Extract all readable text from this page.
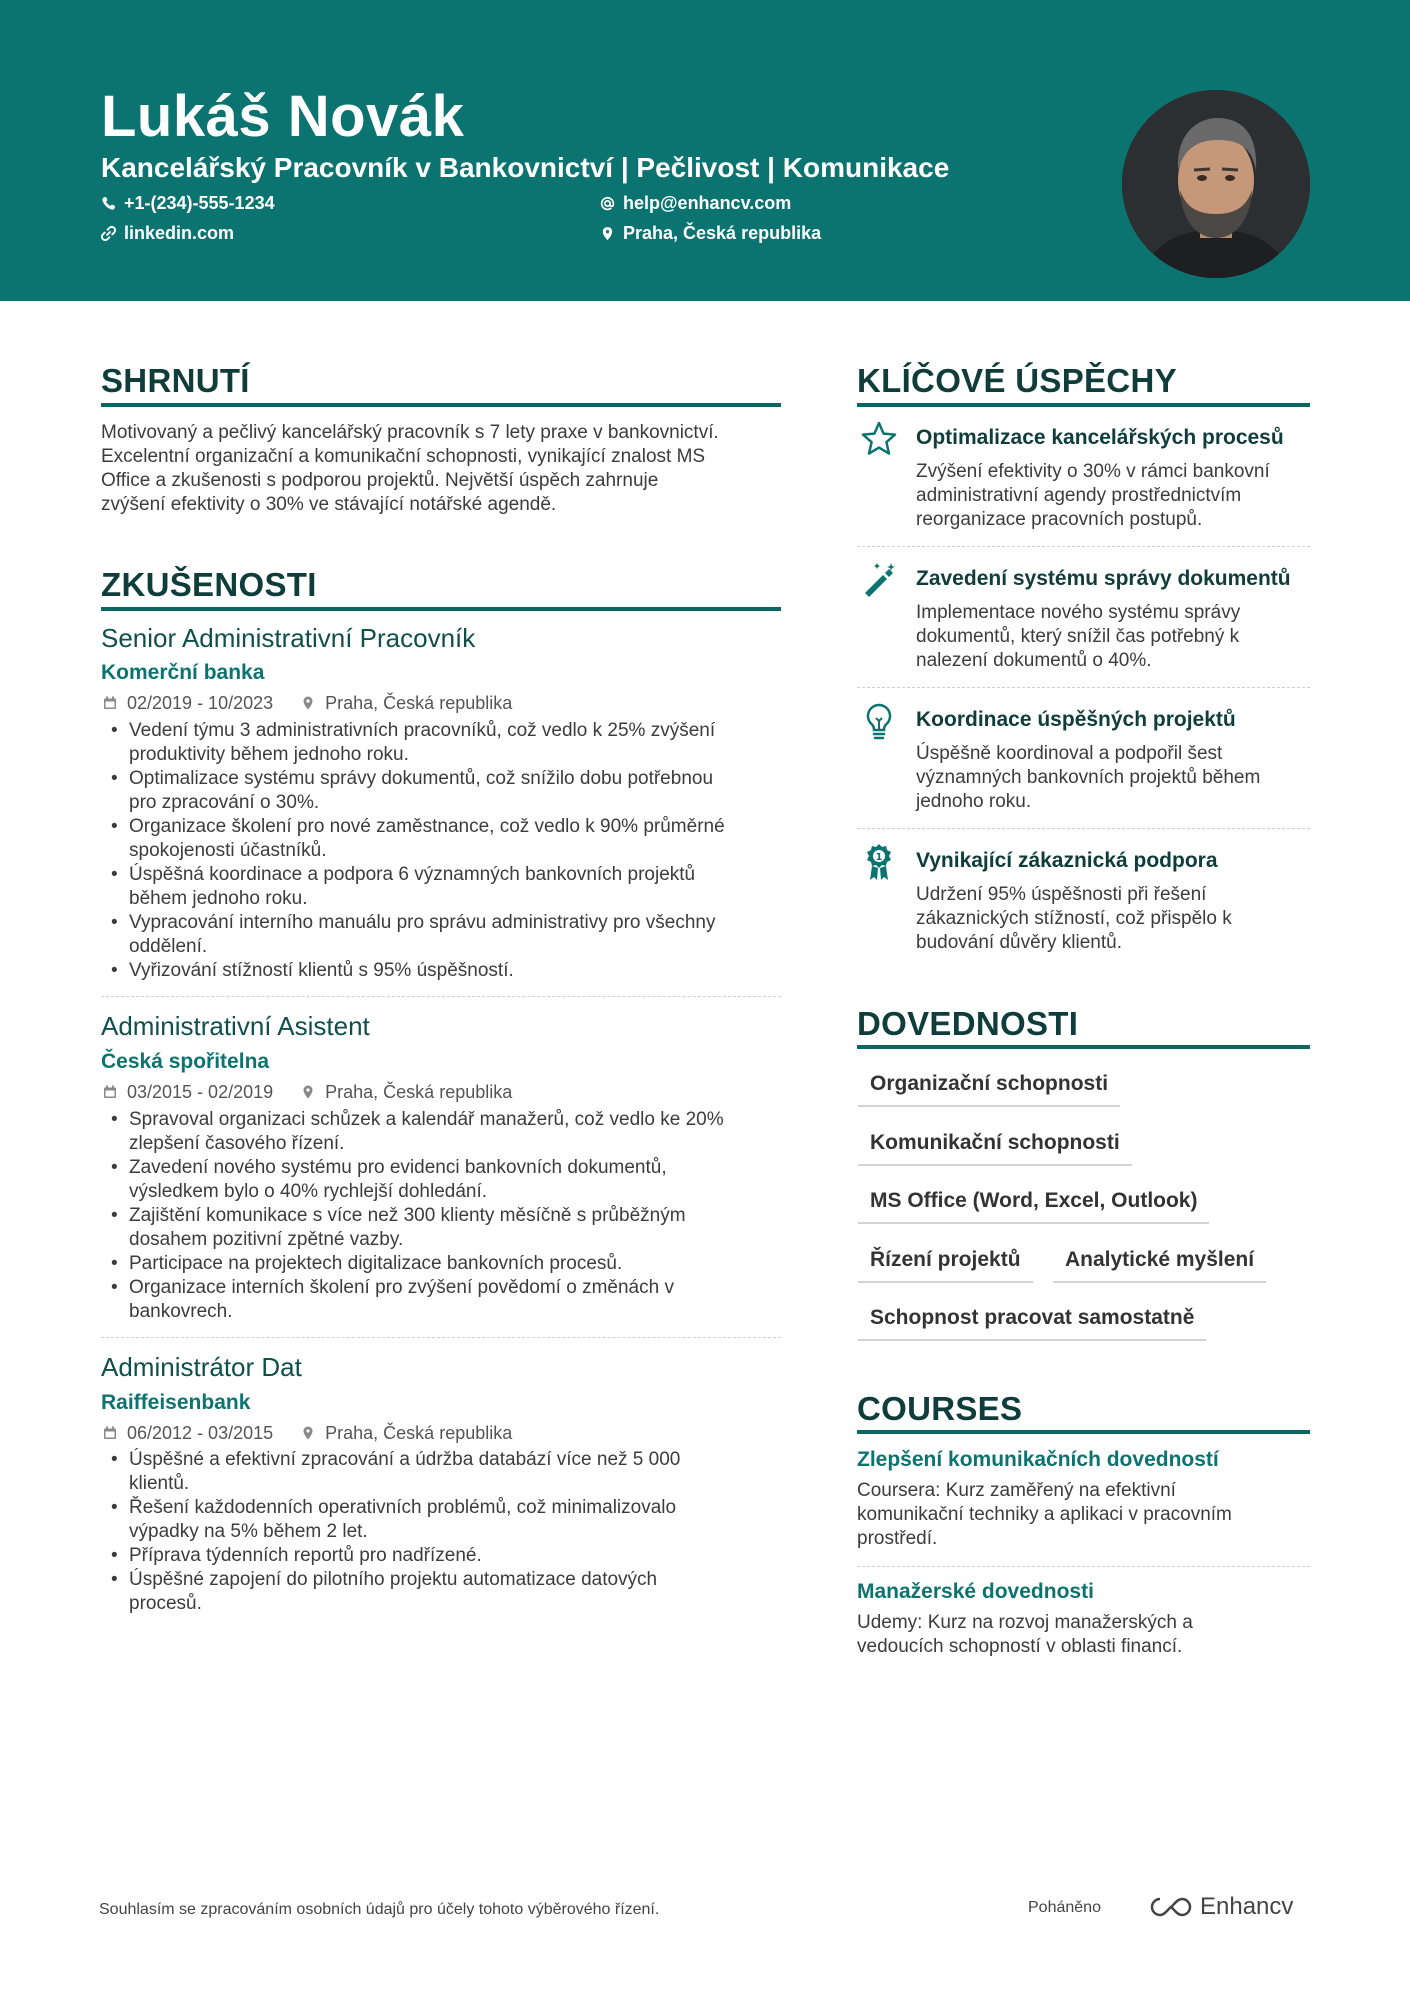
Lukáš Novák
Kancelářský Pracovník v Bankovnictví | Pečlivost | Komunikace
+1-(234)-555-1234
linkedin.com
help@enhancv.com
Praha, Česká republika
SHRNUTÍ
Motivovaný a pečlivý kancelářský pracovník s 7 lety praxe v bankovnictví.
Excelentní organizační a komunikační schopnosti, vynikající znalost MS
Office a zkušenosti s podporou projektů. Největší úspěch zahrnuje
zvýšení efektivity o 30% ve stávající notářské agendě.
ZKUŠENOSTI
Senior Administrativní Pracovník
Komerční banka
02/2019 - 10/2023	Praha, Česká republika
• Vedení týmu 3 administrativních pracovníků, což vedlo k 25% zvýšení
produktivity během jednoho roku.
• Optimalizace systému správy dokumentů, což snížilo dobu potřebnou
pro zpracování o 30%.
• Organizace školení pro nové zaměstnance, což vedlo k 90% průměrné
spokojenosti účastníků.
• Úspěšná koordinace a podpora 6 významných bankovních projektů
během jednoho roku.
• Vypracování interního manuálu pro správu administrativy pro všechny
oddělení.
• Vyřizování stížností klientů s 95% úspěšností.
Administrativní Asistent
Česká spořitelna
03/2015 - 02/2019	Praha, Česká republika
• Spravoval organizaci schůzek a kalendář manažerů, což vedlo ke 20%
zlepšení časového řízení.
• Zavedení nového systému pro evidenci bankovních dokumentů,
výsledkem bylo o 40% rychlejší dohledání.
• Zajištění komunikace s více než 300 klienty měsíčně s průběžným
dosahem pozitivní zpětné vazby.
• Participace na projektech digitalizace bankovních procesů.
• Organizace interních školení pro zvýšení povědomí o změnách v
bankovrech.
Administrátor Dat
Raiffeisenbank
06/2012 - 03/2015	Praha, Česká republika
• Úspěšné a efektivní zpracování a údržba databází více než 5 000
klientů.
• Řešení každodenních operativních problémů, což minimalizovalo
výpadky na 5% během 2 let.
• Příprava týdenních reportů pro nadřízené.
• Úspěšné zapojení do pilotního projektu automatizace datových
procesů.
KLÍČOVÉ ÚSPĚCHY
Optimalizace kancelářských procesů
Zvýšení efektivity o 30% v rámci bankovní
administrativní agendy prostřednictvím
reorganizace pracovních postupů.
Zavedení systému správy dokumentů
Implementace nového systému správy
dokumentů, který snížil čas potřebný k
nalezení dokumentů o 40%.
Koordinace úspěšných projektů
Úspěšně koordinoval a podpořil šest
významných bankovních projektů během
jednoho roku.
1 Vynikající zákaznická podpora
Udržení 95% úspěšnosti při řešení
zákaznických stížností, což přispělo k
budování důvěry klientů.
DOVEDNOSTI
Organizační schopnosti
Komunikační schopnosti
MS Office (Word, Excel, Outlook)
Řízení projektů	Analytické myšlení
Schopnost pracovat samostatně
COURSES
Zlepšení komunikačních dovedností
Coursera: Kurz zaměřený na efektivní
komunikační techniky a aplikaci v pracovním
prostředí.
Manažerské dovednosti
Udemy: Kurz na rozvoj manažerských a
vedoucích schopností v oblasti financí.
Souhlasím se zpracováním osobních údajů pro účely tohoto výběrového řízení.	Poháněno	Enhancv
